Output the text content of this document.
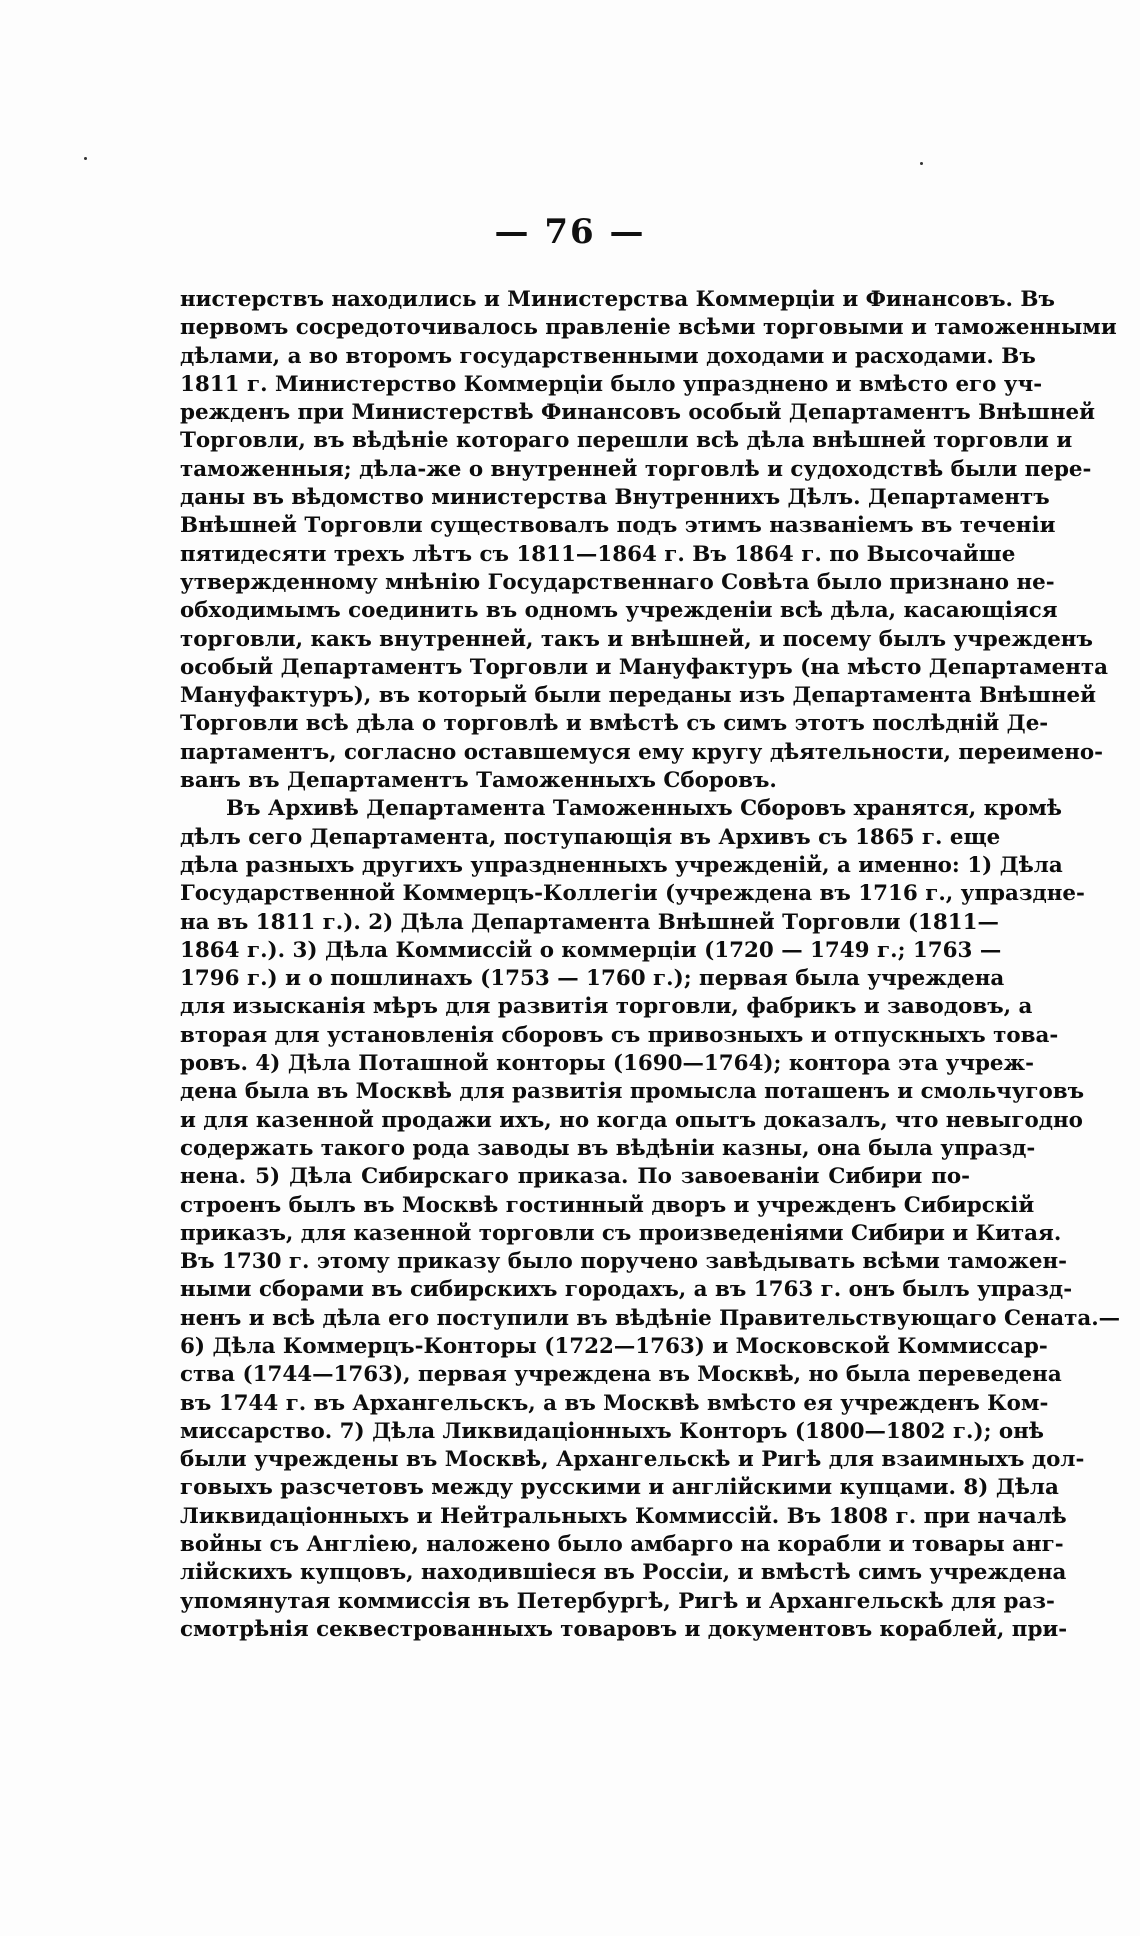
— 76 —

нистерствъ находились и Министерства Коммерціи и Финансовъ. Въ
первомъ сосредоточивалось правленіе всѣми торговыми и таможенными
дѣлами, а во второмъ государственными доходами и расходами. Въ
1811 г. Министерство Коммерціи было упразднено и вмѣсто его уч-
режденъ при Министерствѣ Финансовъ особый Департаментъ Внѣшней
Торговли, въ вѣдѣніе котораго перешли всѣ дѣла внѣшней торговли и
таможенныя; дѣла-же о внутренней торговлѣ и судоходствѣ были пере-
даны въ вѣдомство министерства Внутреннихъ Дѣлъ. Департаментъ
Внѣшней Торговли существовалъ подъ этимъ названіемъ въ теченіи
пятидесяти трехъ лѣтъ съ 1811—1864 г. Въ 1864 г. по Высочайше
утвержденному мнѣнію Государственнаго Совѣта было признано не-
обходимымъ соединить въ одномъ учрежденіи всѣ дѣла, касающіяся
торговли, какъ внутренней, такъ и внѣшней, и посему былъ учрежденъ
особый Департаментъ Торговли и Мануфактуръ (на мѣсто Департамента
Мануфактуръ), въ который были переданы изъ Департамента Внѣшней
Торговли всѣ дѣла о торговлѣ и вмѣстѣ съ симъ этотъ послѣдній Де-
партаментъ, согласно оставшемуся ему кругу дѣятельности, переимено-
ванъ въ Департаментъ Таможенныхъ Сборовъ.

Въ Архивѣ Департамента Таможенныхъ Сборовъ хранятся, кромѣ
дѣлъ сего Департамента, поступающія въ Архивъ съ 1865 г. еще
дѣла разныхъ другихъ упраздненныхъ учрежденій, а именно: 1) Дѣла
Государственной Коммерцъ-Коллегіи (учреждена въ 1716 г., упразднe-
на въ 1811 г.). 2) Дѣла Департамента Внѣшней Торговли (1811—
1864 г.). 3) Дѣла Коммиссій о коммерціи (1720 — 1749 г.; 1763 —
1796 г.) и о пошлинахъ (1753 — 1760 г.); первая была учреждена
для изысканія мѣръ для развитія торговли, фабрикъ и заводовъ, а
вторая для установленія сборовъ съ привозныхъ и отпускныхъ това-
ровъ. 4) Дѣла Поташной конторы (1690—1764); контора эта учреж-
дена была въ Москвѣ для развитія промысла поташенъ и смольчуговъ
и для казенной продажи ихъ, но когда опытъ доказалъ, что невыгодно
содержать такого рода заводы въ вѣдѣніи казны, она была упразд-
нена. 5) Дѣла Сибирскаго приказа. По завоеваніи Сибири по-
строенъ былъ въ Москвѣ гостинный дворъ и учрежденъ Сибирскій
приказъ, для казенной торговли съ произведеніями Сибири и Китая.
Въ 1730 г. этому приказу было поручено завѣдывать всѣми таможен-
ными сборами въ сибирскихъ городахъ, а въ 1763 г. онъ былъ упразд-
ненъ и всѣ дѣла его поступили въ вѣдѣніе Правительствующаго Сената.—
6) Дѣла Коммерцъ-Конторы (1722—1763) и Московской Коммиссар-
ства (1744—1763), первая учреждена въ Москвѣ, но была переведена
въ 1744 г. въ Архангельскъ, а въ Москвѣ вмѣсто ея учрежденъ Ком-
миссарство. 7) Дѣла Ликвидаціонныхъ Конторъ (1800—1802 г.); онѣ
были учреждены въ Москвѣ, Архангельскѣ и Ригѣ для взаимныхъ дол-
говыхъ разсчетовъ между русскими и англійскими купцами. 8) Дѣла
Ликвидаціонныхъ и Нейтральныхъ Коммиссій. Въ 1808 г. при началѣ
войны съ Англіею, наложено было амбарго на корабли и товары анг-
лійскихъ купцовъ, находившіеся въ Россіи, и вмѣстѣ симъ учреждена
упомянутая коммиссія въ Петербургѣ, Ригѣ и Архангельскѣ для раз-
смотрѣнія секвестрованныхъ товаровъ и документовъ кораблей, при-
